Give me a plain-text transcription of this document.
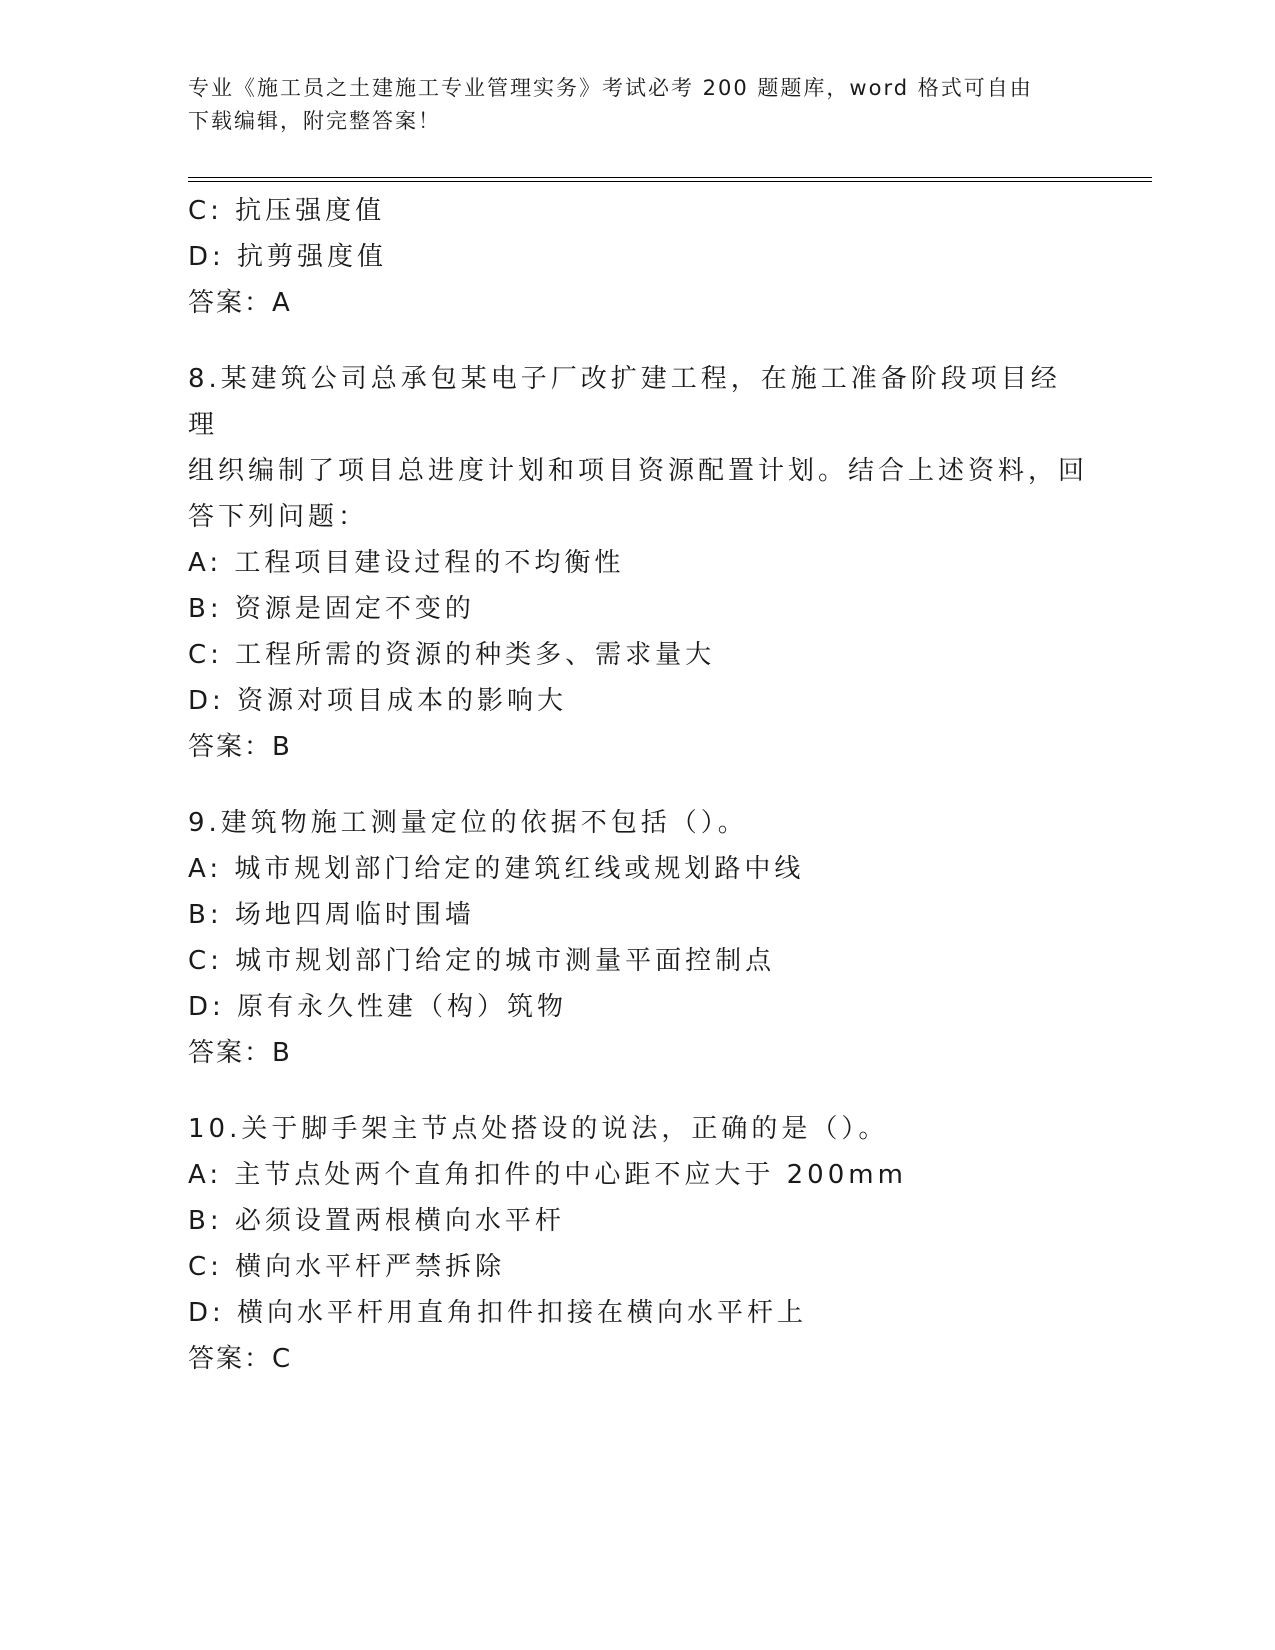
专业《施工员之土建施工专业管理实务》考试必考 200 题题库，word 格式可自由
下载编辑，附完整答案！
C: 抗压强度值
D: 抗剪强度值
答案：A
8.某建筑公司总承包某电子厂改扩建工程，在施工准备阶段项目经理
组织编制了项目总进度计划和项目资源配置计划。结合上述资料，回
答下列问题：
A: 工程项目建设过程的不均衡性
B: 资源是固定不变的
C: 工程所需的资源的种类多、需求量大
D: 资源对项目成本的影响大
答案：B
9.建筑物施工测量定位的依据不包括（）。
A: 城市规划部门给定的建筑红线或规划路中线
B: 场地四周临时围墙
C: 城市规划部门给定的城市测量平面控制点
D: 原有永久性建（构）筑物
答案：B
10.关于脚手架主节点处搭设的说法，正确的是（）。
A: 主节点处两个直角扣件的中心距不应大于 200mm
B: 必须设置两根横向水平杆
C: 横向水平杆严禁拆除
D: 横向水平杆用直角扣件扣接在横向水平杆上
答案：C
